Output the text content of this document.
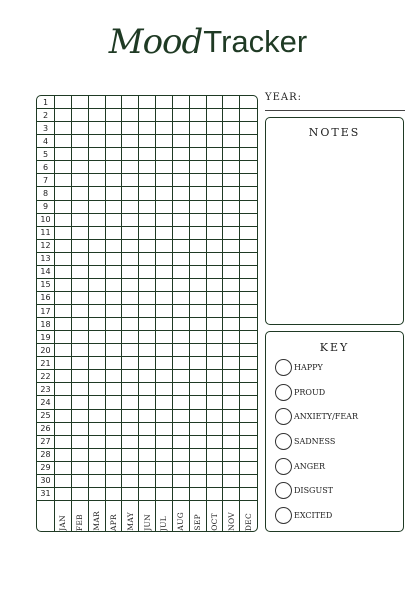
Mood Tracker
1
2
3
4
5
6
7
8
9
10
11
12
13
14
15
16
17
18
19
20
21
22
23
24
25
26
27
28
29
30
31
JAN FEB MAR APR MAY JUN JUL AUG SEP OCT NOV DEC
YEAR:
NOTES
KEY
HAPPY
PROUD
ANXIETY/FEAR
SADNESS
ANGER
DISGUST
EXCITED
